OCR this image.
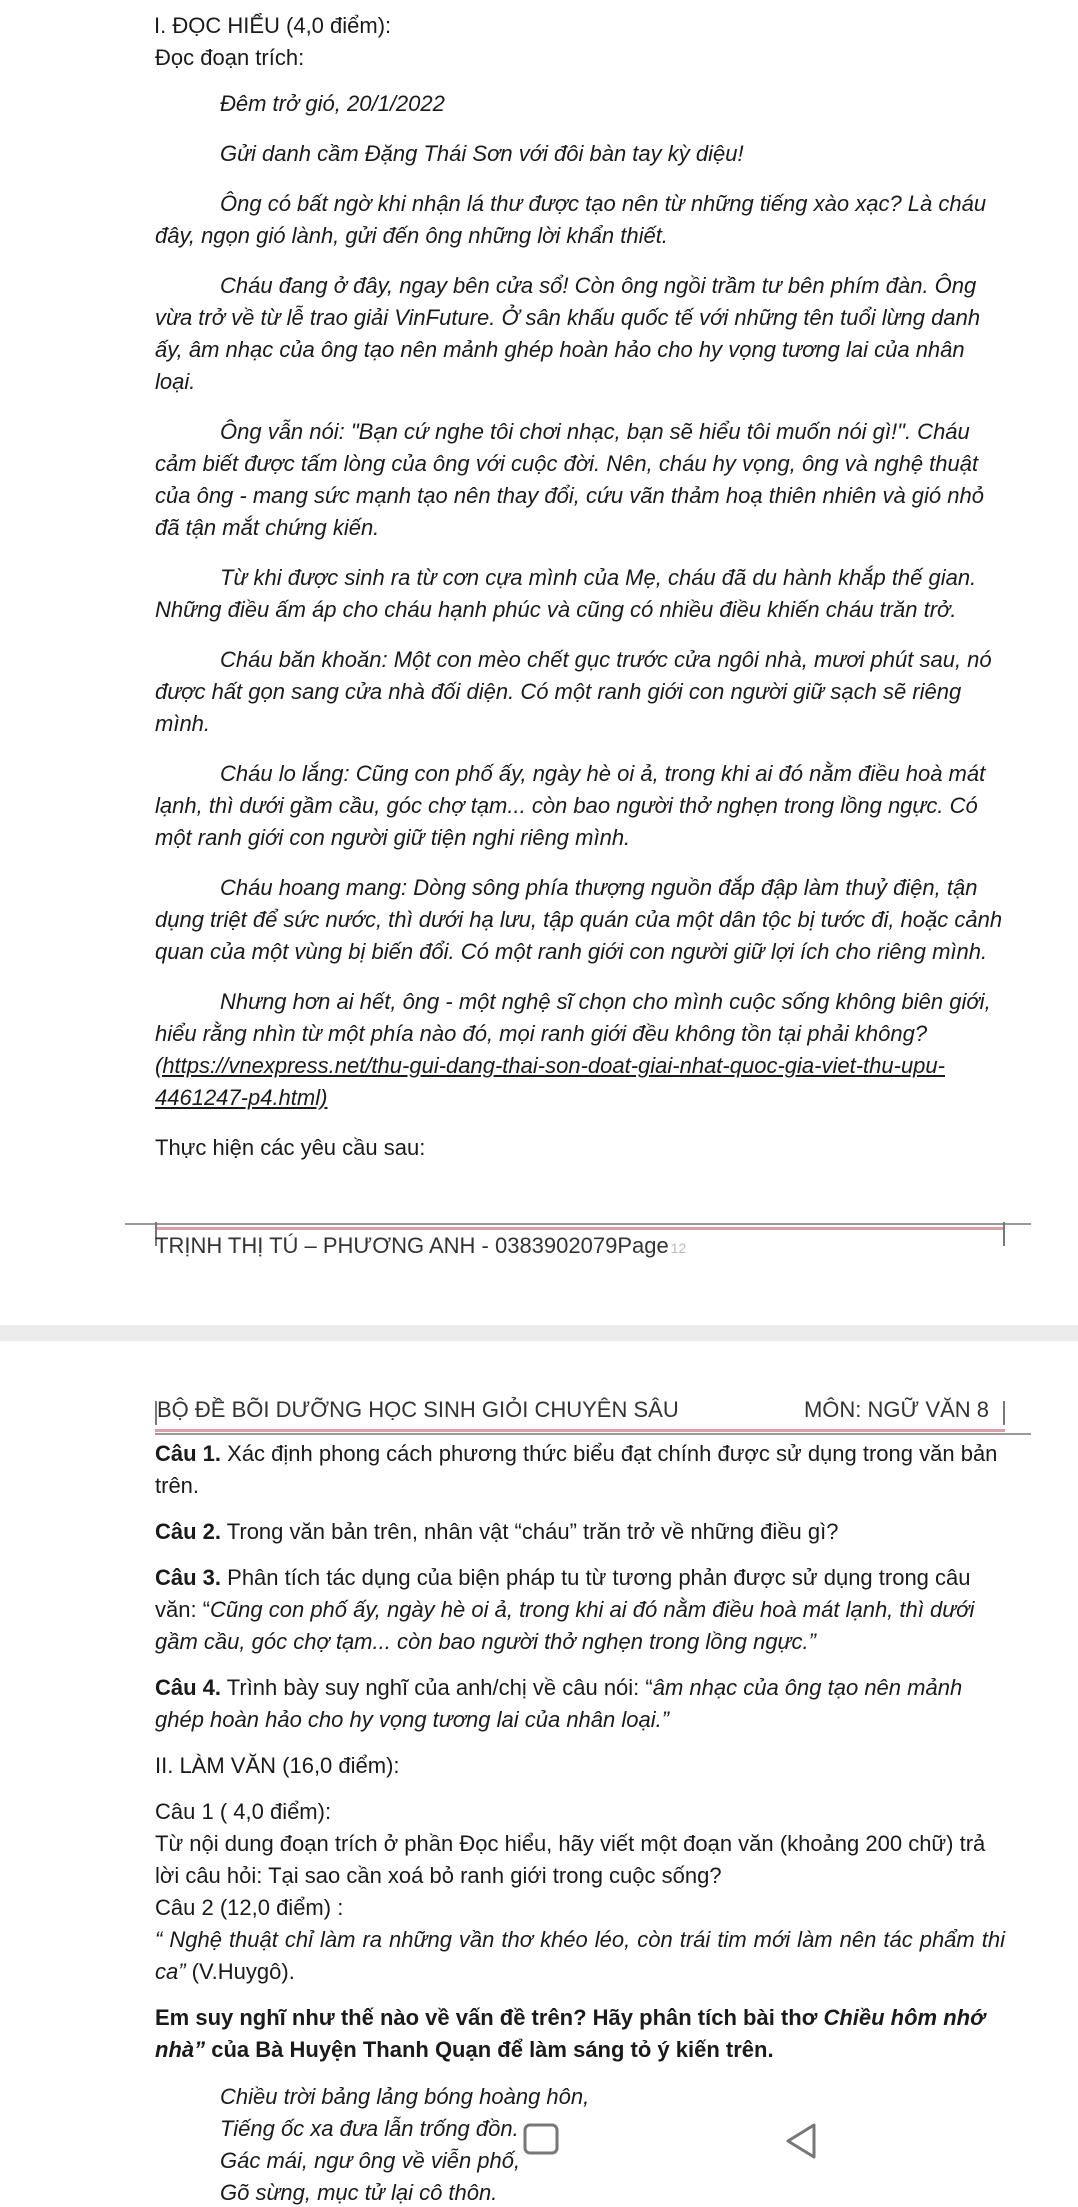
I. ĐỌC HIỂU (4,0 điểm):

Đọc đoạn trích:

Đêm trở gió, 20/1/2022

Gửi danh cầm Đặng Thái Sơn với đôi bàn tay kỳ diệu!

Ông có bất ngờ khi nhận lá thư được tạo nên từ những tiếng xào xạc? Là cháu đây, ngọn gió lành, gửi đến ông những lời khẩn thiết.

Cháu đang ở đây, ngay bên cửa sổ! Còn ông ngồi trầm tư bên phím đàn. Ông vừa trở về từ lễ trao giải VinFuture. Ở sân khấu quốc tế với những tên tuổi lừng danh ấy, âm nhạc của ông tạo nên mảnh ghép hoàn hảo cho hy vọng tương lai của nhân loại.

Ông vẫn nói: "Bạn cứ nghe tôi chơi nhạc, bạn sẽ hiểu tôi muốn nói gì!". Cháu cảm biết được tấm lòng của ông với cuộc đời. Nên, cháu hy vọng, ông và nghệ thuật của ông - mang sức mạnh tạo nên thay đổi, cứu vãn thảm hoạ thiên nhiên và gió nhỏ đã tận mắt chứng kiến.

Từ khi được sinh ra từ cơn cựa mình của Mẹ, cháu đã du hành khắp thế gian. Những điều ấm áp cho cháu hạnh phúc và cũng có nhiều điều khiến cháu trăn trở.

Cháu băn khoăn: Một con mèo chết gục trước cửa ngôi nhà, mươi phút sau, nó được hất gọn sang cửa nhà đối diện. Có một ranh giới con người giữ sạch sẽ riêng mình.

Cháu lo lắng: Cũng con phố ấy, ngày hè oi ả, trong khi ai đó nằm điều hoà mát lạnh, thì dưới gầm cầu, góc chợ tạm... còn bao người thở nghẹn trong lồng ngực. Có một ranh giới con người giữ tiện nghi riêng mình.

Cháu hoang mang: Dòng sông phía thượng nguồn đắp đập làm thuỷ điện, tận dụng triệt để sức nước, thì dưới hạ lưu, tập quán của một dân tộc bị tước đi, hoặc cảnh quan của một vùng bị biến đổi. Có một ranh giới con người giữ lợi ích cho riêng mình.

Nhưng hơn ai hết, ông - một nghệ sĩ chọn cho mình cuộc sống không biên giới, hiểu rằng nhìn từ một phía nào đó, mọi ranh giới đều không tồn tại phải không? (https://vnexpress.net/thu-gui-dang-thai-son-doat-giai-nhat-quoc-gia-viet-thu-upu-4461247-p4.html)

Thực hiện các yêu cầu sau:

TRỊNH THỊ TÚ – PHƯƠNG ANH - 0383902079Page 12
BỘ ĐỀ BÕI DƯỠNG HỌC SINH GIỎI CHUYÊN SÂU	MÔN: NGỮ VĂN 8

Câu 1. Xác định phong cách phương thức biểu đạt chính được sử dụng trong văn bản trên.

Câu 2. Trong văn bản trên, nhân vật “cháu” trăn trở về những điều gì?

Câu 3. Phân tích tác dụng của biện pháp tu từ tương phản được sử dụng trong câu văn: “Cũng con phố ấy, ngày hè oi ả, trong khi ai đó nằm điều hoà mát lạnh, thì dưới gầm cầu, góc chợ tạm... còn bao người thở nghẹn trong lồng ngực.”

Câu 4. Trình bày suy nghĩ của anh/chị về câu nói: “âm nhạc của ông tạo nên mảnh ghép hoàn hảo cho hy vọng tương lai của nhân loại.”

II. LÀM VĂN (16,0 điểm):

Câu 1 ( 4,0 điểm):

Từ nội dung đoạn trích ở phần Đọc hiểu, hãy viết một đoạn văn (khoảng 200 chữ) trả lời câu hỏi: Tại sao cần xoá bỏ ranh giới trong cuộc sống?

Câu 2 (12,0 điểm) :

“ Nghệ thuật chỉ làm ra những vần thơ khéo léo, còn trái tim mới làm nên tác phẩm thi ca” (V.Huygô).

Em suy nghĩ như thế nào về vấn đề trên? Hãy phân tích bài thơ Chiều hôm nhớ nhà” của Bà Huyện Thanh Quạn để làm sáng tỏ ý kiến trên.

Chiều trời bảng lảng bóng hoàng hôn,
Tiếng ốc xa đưa lẫn trống đồn.
Gác mái, ngư ông về viễn phố,
Gõ sừng, mục tử lại cô thôn.
